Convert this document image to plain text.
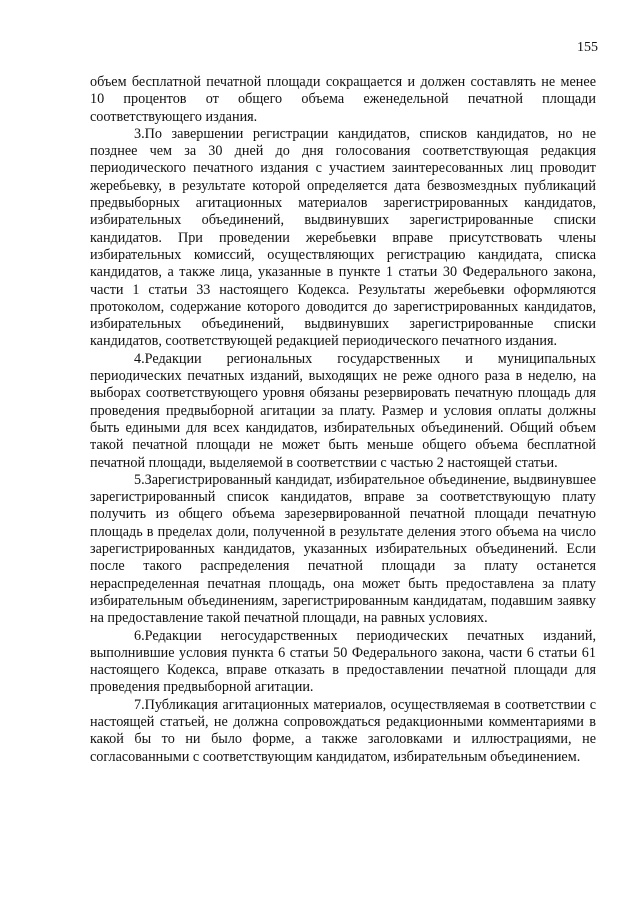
155

объем бесплатной печатной площади сокращается и должен составлять не менее 10 процентов от общего объема еженедельной печатной площади соответствующего издания.

3.По завершении регистрации кандидатов, списков кандидатов, но не позднее чем за 30 дней до дня голосования соответствующая редакция периодического печатного издания с участием заинтересованных лиц проводит жеребьевку, в результате которой определяется дата безвозмездных публикаций предвыборных агитационных материалов зарегистрированных кандидатов, избирательных объединений, выдвинувших зарегистрированные списки кандидатов. При проведении жеребьевки вправе присутствовать члены избирательных комиссий, осуществляющих регистрацию кандидата, списка кандидатов, а также лица, указанные в пункте 1 статьи 30 Федерального закона, части 1 статьи 33 настоящего Кодекса. Результаты жеребьевки оформляются протоколом, содержание которого доводится до зарегистрированных кандидатов, избирательных объединений, выдвинувших зарегистрированные списки кандидатов, соответствующей редакцией периодического печатного издания.

4.Редакции региональных государственных и муниципальных периодических печатных изданий, выходящих не реже одного раза в неделю, на выборах соответствующего уровня обязаны резервировать печатную площадь для проведения предвыборной агитации за плату. Размер и условия оплаты должны быть едиными для всех кандидатов, избирательных объединений. Общий объем такой печатной площади не может быть меньше общего объема бесплатной печатной площади, выделяемой в соответствии с частью 2 настоящей статьи.

5.Зарегистрированный кандидат, избирательное объединение, выдвинувшее зарегистрированный список кандидатов, вправе за соответствующую плату получить из общего объема зарезервированной печатной площади печатную площадь в пределах доли, полученной в результате деления этого объема на число зарегистрированных кандидатов, указанных избирательных объединений. Если после такого распределения печатной площади за плату останется нераспределенная печатная площадь, она может быть предоставлена за плату избирательным объединениям, зарегистрированным кандидатам, подавшим заявку на предоставление такой печатной площади, на равных условиях.

6.Редакции негосударственных периодических печатных изданий, выполнившие условия пункта 6 статьи 50 Федерального закона, части 6 статьи 61 настоящего Кодекса, вправе отказать в предоставлении печатной площади для проведения предвыборной агитации.

7.Публикация агитационных материалов, осуществляемая в соответствии с настоящей статьей, не должна сопровождаться редакционными комментариями в какой бы то ни было форме, а также заголовками и иллюстрациями, не согласованными с соответствующим кандидатом, избирательным объединением.
